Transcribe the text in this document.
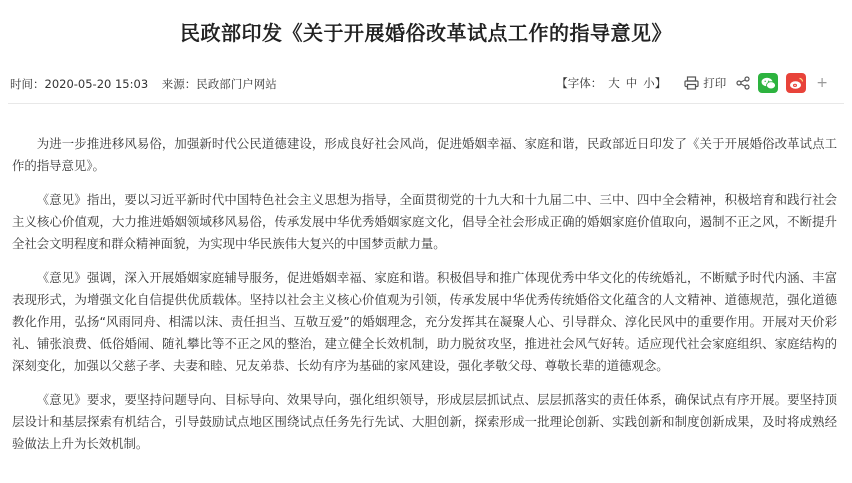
民政部印发《关于开展婚俗改革试点工作的指导意见》
时间：2020-05-20 15:03 来源：民政部门户网站	【字体： 大 中 小 】	打印	+

为进一步推进移风易俗，加强新时代公民道德建设，形成良好社会风尚，促进婚姻幸福、家庭和谐，民政部近日印发了《关于开展婚俗改革试点工作的指导意见》。

《意见》指出，要以习近平新时代中国特色社会主义思想为指导，全面贯彻党的十九大和十九届二中、三中、四中全会精神，积极培育和践行社会主义核心价值观，大力推进婚姻领域移风易俗，传承发展中华优秀婚姻家庭文化，倡导全社会形成正确的婚姻家庭价值取向，遏制不正之风，不断提升全社会文明程度和群众精神面貌，为实现中华民族伟大复兴的中国梦贡献力量。

《意见》强调，深入开展婚姻家庭辅导服务，促进婚姻幸福、家庭和谐。积极倡导和推广体现优秀中华文化的传统婚礼，不断赋予时代内涵、丰富表现形式，为增强文化自信提供优质载体。坚持以社会主义核心价值观为引领，传承发展中华优秀传统婚俗文化蕴含的人文精神、道德规范，强化道德教化作用，弘扬“风雨同舟、相濡以沫、责任担当、互敬互爱”的婚姻理念，充分发挥其在凝聚人心、引导群众、淳化民风中的重要作用。开展对天价彩礼、铺张浪费、低俗婚闹、随礼攀比等不正之风的整治，建立健全长效机制，助力脱贫攻坚，推进社会风气好转。适应现代社会家庭组织、家庭结构的深刻变化，加强以父慈子孝、夫妻和睦、兄友弟恭、长幼有序为基础的家风建设，强化孝敬父母、尊敬长辈的道德观念。

《意见》要求，要坚持问题导向、目标导向、效果导向，强化组织领导，形成层层抓试点、层层抓落实的责任体系，确保试点有序开展。要坚持顶层设计和基层探索有机结合，引导鼓励试点地区围绕试点任务先行先试、大胆创新，探索形成一批理论创新、实践创新和制度创新成果，及时将成熟经验做法上升为长效机制。
